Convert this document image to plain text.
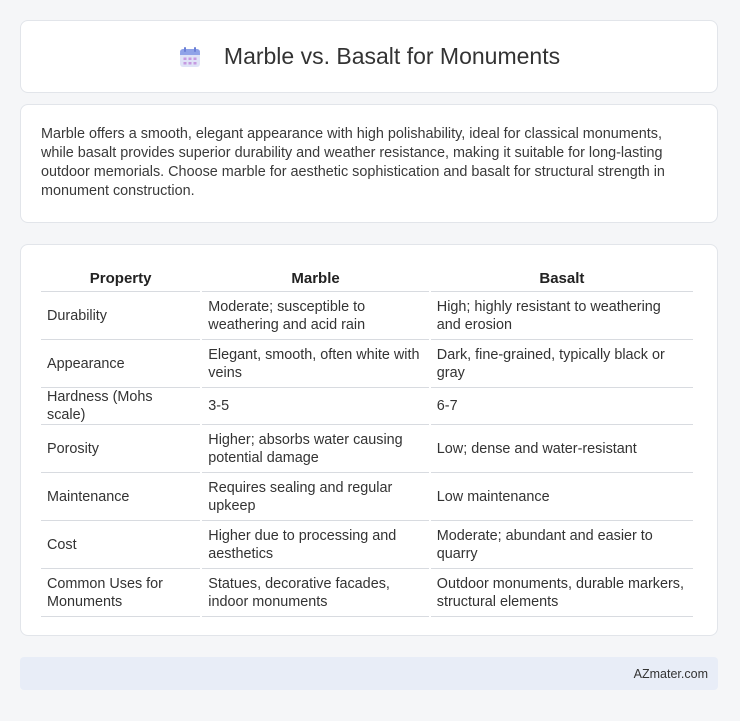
Marble vs. Basalt for Monuments

Marble offers a smooth, elegant appearance with high polishability, ideal for classical monuments, while basalt provides superior durability and weather resistance, making it suitable for long-lasting outdoor memorials. Choose marble for aesthetic sophistication and basalt for structural strength in monument construction.

Property	Marble	Basalt
Durability	Moderate; susceptible to weathering and acid rain	High; highly resistant to weathering and erosion
Appearance	Elegant, smooth, often white with veins	Dark, fine-grained, typically black or gray
Hardness (Mohs scale)	3-5	6-7
Porosity	Higher; absorbs water causing potential damage	Low; dense and water-resistant
Maintenance	Requires sealing and regular upkeep	Low maintenance
Cost	Higher due to processing and aesthetics	Moderate; abundant and easier to quarry
Common Uses for Monuments	Statues, decorative facades, indoor monuments	Outdoor monuments, durable markers, structural elements
AZmater.com
